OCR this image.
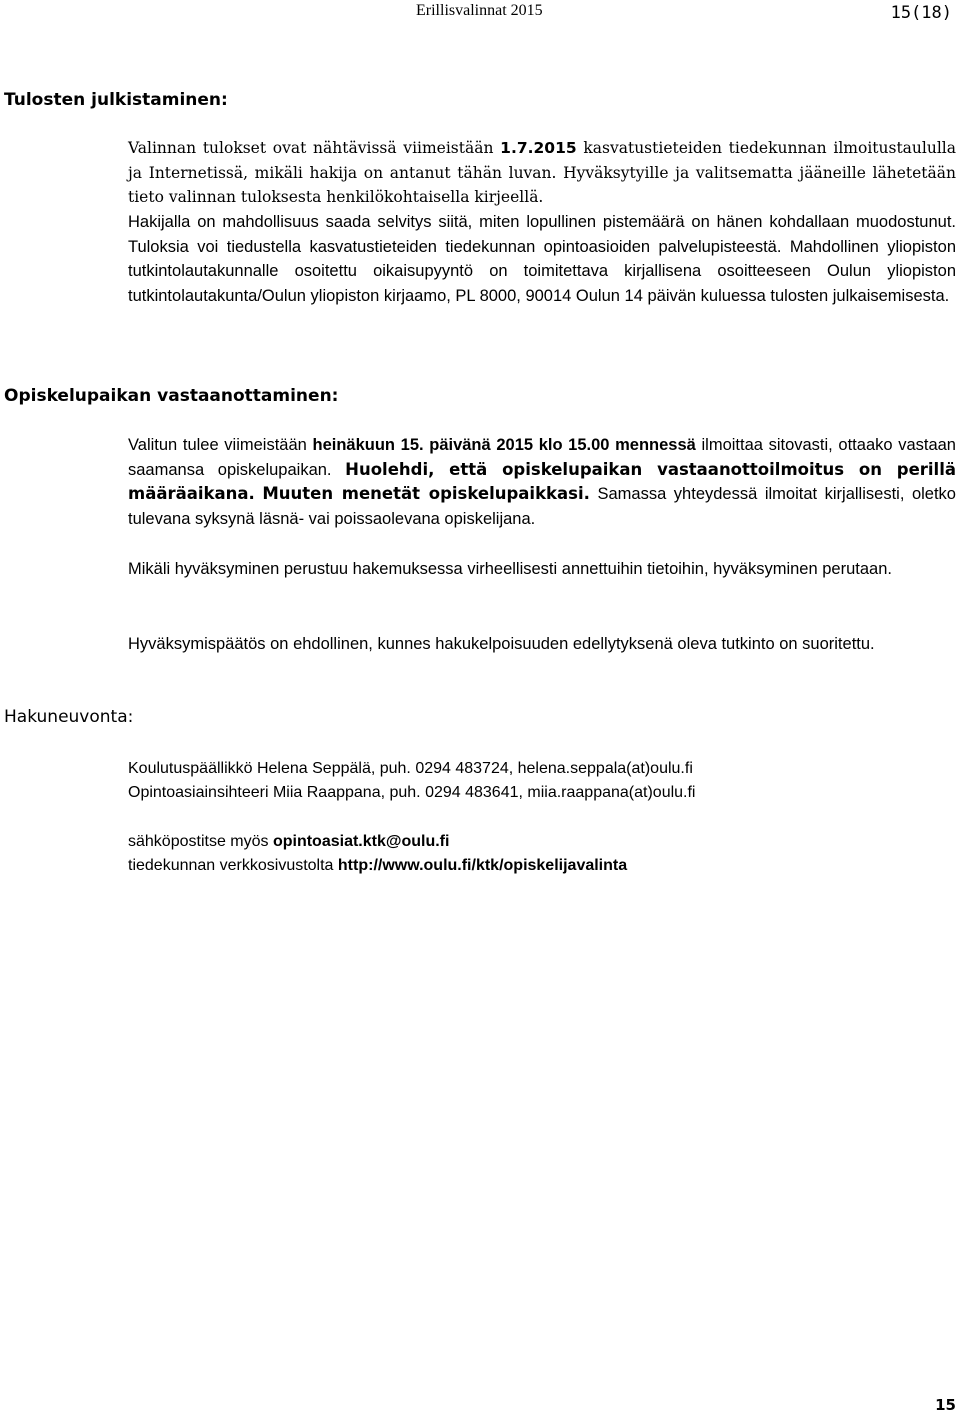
Erillisvalinnat 2015	15(18)
Tulosten julkistaminen:

Valinnan tulokset ovat nähtävissä viimeistään 1.7.2015 kasvatustieteiden tiedekunnan ilmoitustaululla ja Internetissä, mikäli hakija on antanut tähän luvan. Hyväksytyille ja valitsematta jääneille lähetetään tieto valinnan tuloksesta henkilökohtaisella kirjeellä.

Hakijalla on mahdollisuus saada selvitys siitä, miten lopullinen pistemäärä on hänen kohdallaan muodostunut. Tuloksia voi tiedustella kasvatustieteiden tiedekunnan opintoasioiden palvelupisteestä. Mahdollinen yliopiston tutkintolautakunnalle osoitettu oikaisupyyntö on toimitettava kirjallisena osoitteeseen Oulun yliopiston tutkintolautakunta/Oulun yliopiston kirjaamo, PL 8000, 90014 Oulun 14 päivän kuluessa tulosten julkaisemisesta.

Opiskelupaikan vastaanottaminen:

Valitun tulee viimeistään heinäkuun 15. päivänä 2015 klo 15.00 mennessä ilmoittaa sitovasti, ottaako vastaan saamansa opiskelupaikan. Huolehdi, että opiskelupaikan vastaanottoilmoitus on perillä määräaikana. Muuten menetät opiskelupaikkasi. Samassa yhteydessä ilmoitat kirjallisesti, oletko tulevana syksynä läsnä- vai poissaolevana opiskelijana.

Mikäli hyväksyminen perustuu hakemuksessa virheellisesti annettuihin tietoihin, hyväksyminen perutaan.

Hyväksymispäätös on ehdollinen, kunnes hakukelpoisuuden edellytyksenä oleva tutkinto on suoritettu.

Hakuneuvonta:
Koulutuspäällikkö Helena Seppälä, puh. 0294 483724, helena.seppala(at)oulu.fi
Opintoasiainsihteeri Miia Raappana, puh. 0294 483641, miia.raappana(at)oulu.fi
sähköpostitse myös opintoasiat.ktk@oulu.fi
tiedekunnan verkkosivustolta http://www.oulu.fi/ktk/opiskelijavalinta
15
